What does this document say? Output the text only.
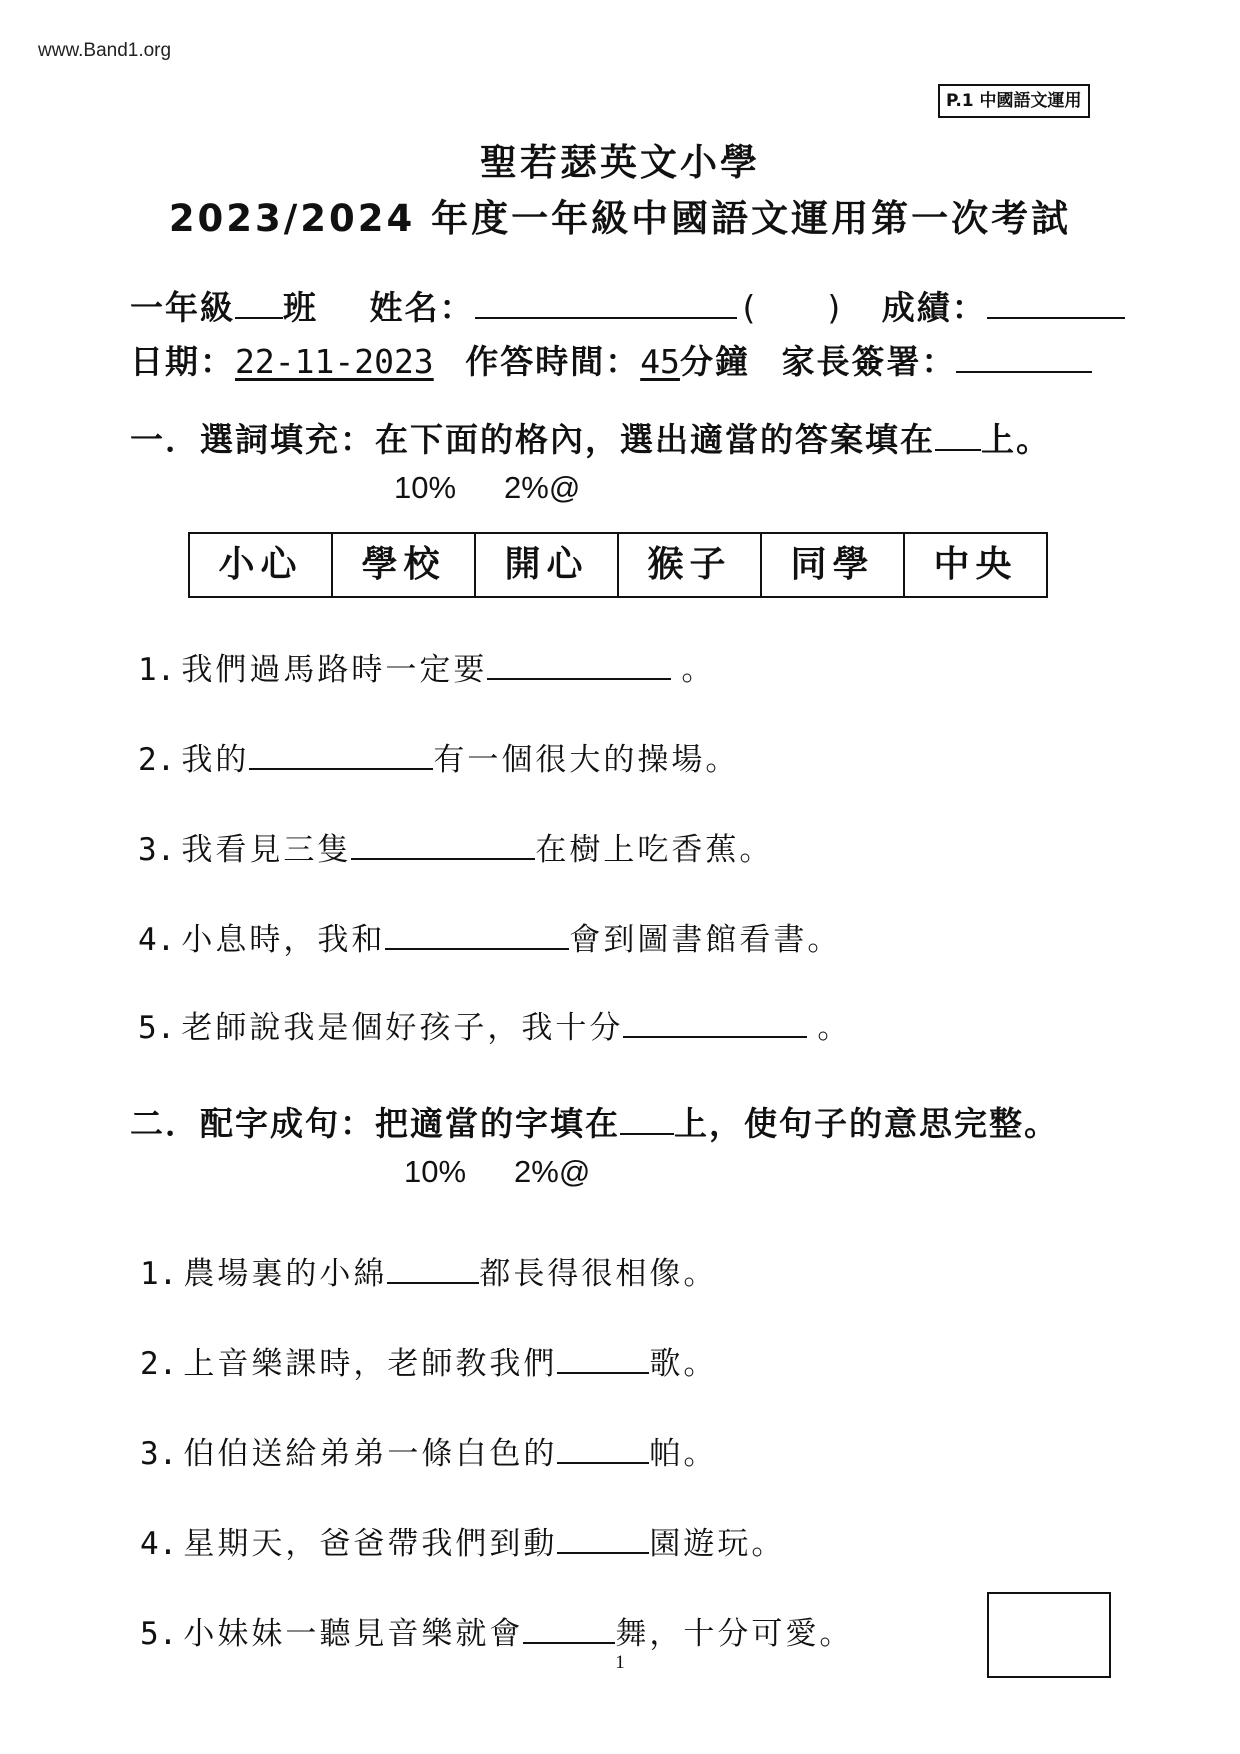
www.Band1.org
P.1 中國語文運用
聖若瑟英文小學
2023/2024 年度一年級中國語文運用第一次考試
一年級 班 姓名：	(　　) 成績：
日期：22-11-2023 作答時間：45分鐘 家長簽署：
一．選詞填充：在下面的格內，選出適當的答案填在 上。
10% 2%@
小心	學校	開心	猴子	同學	中央
1. 我們過馬路時一定要	。
2. 我的	有一個很大的操場。
3. 我看見三隻	在樹上吃香蕉。
4. 小息時，我和	會到圖書館看書。
5. 老師說我是個好孩子，我十分	。
二．配字成句：把適當的字填在 上，使句子的意思完整。
10% 2%@
1. 農場裏的小綿	都長得很相像。
2. 上音樂課時，老師教我們	歌。
3. 伯伯送給弟弟一條白色的	帕。
4. 星期天，爸爸帶我們到動	園遊玩。
5. 小妹妹一聽見音樂就會	舞，十分可愛。
1
